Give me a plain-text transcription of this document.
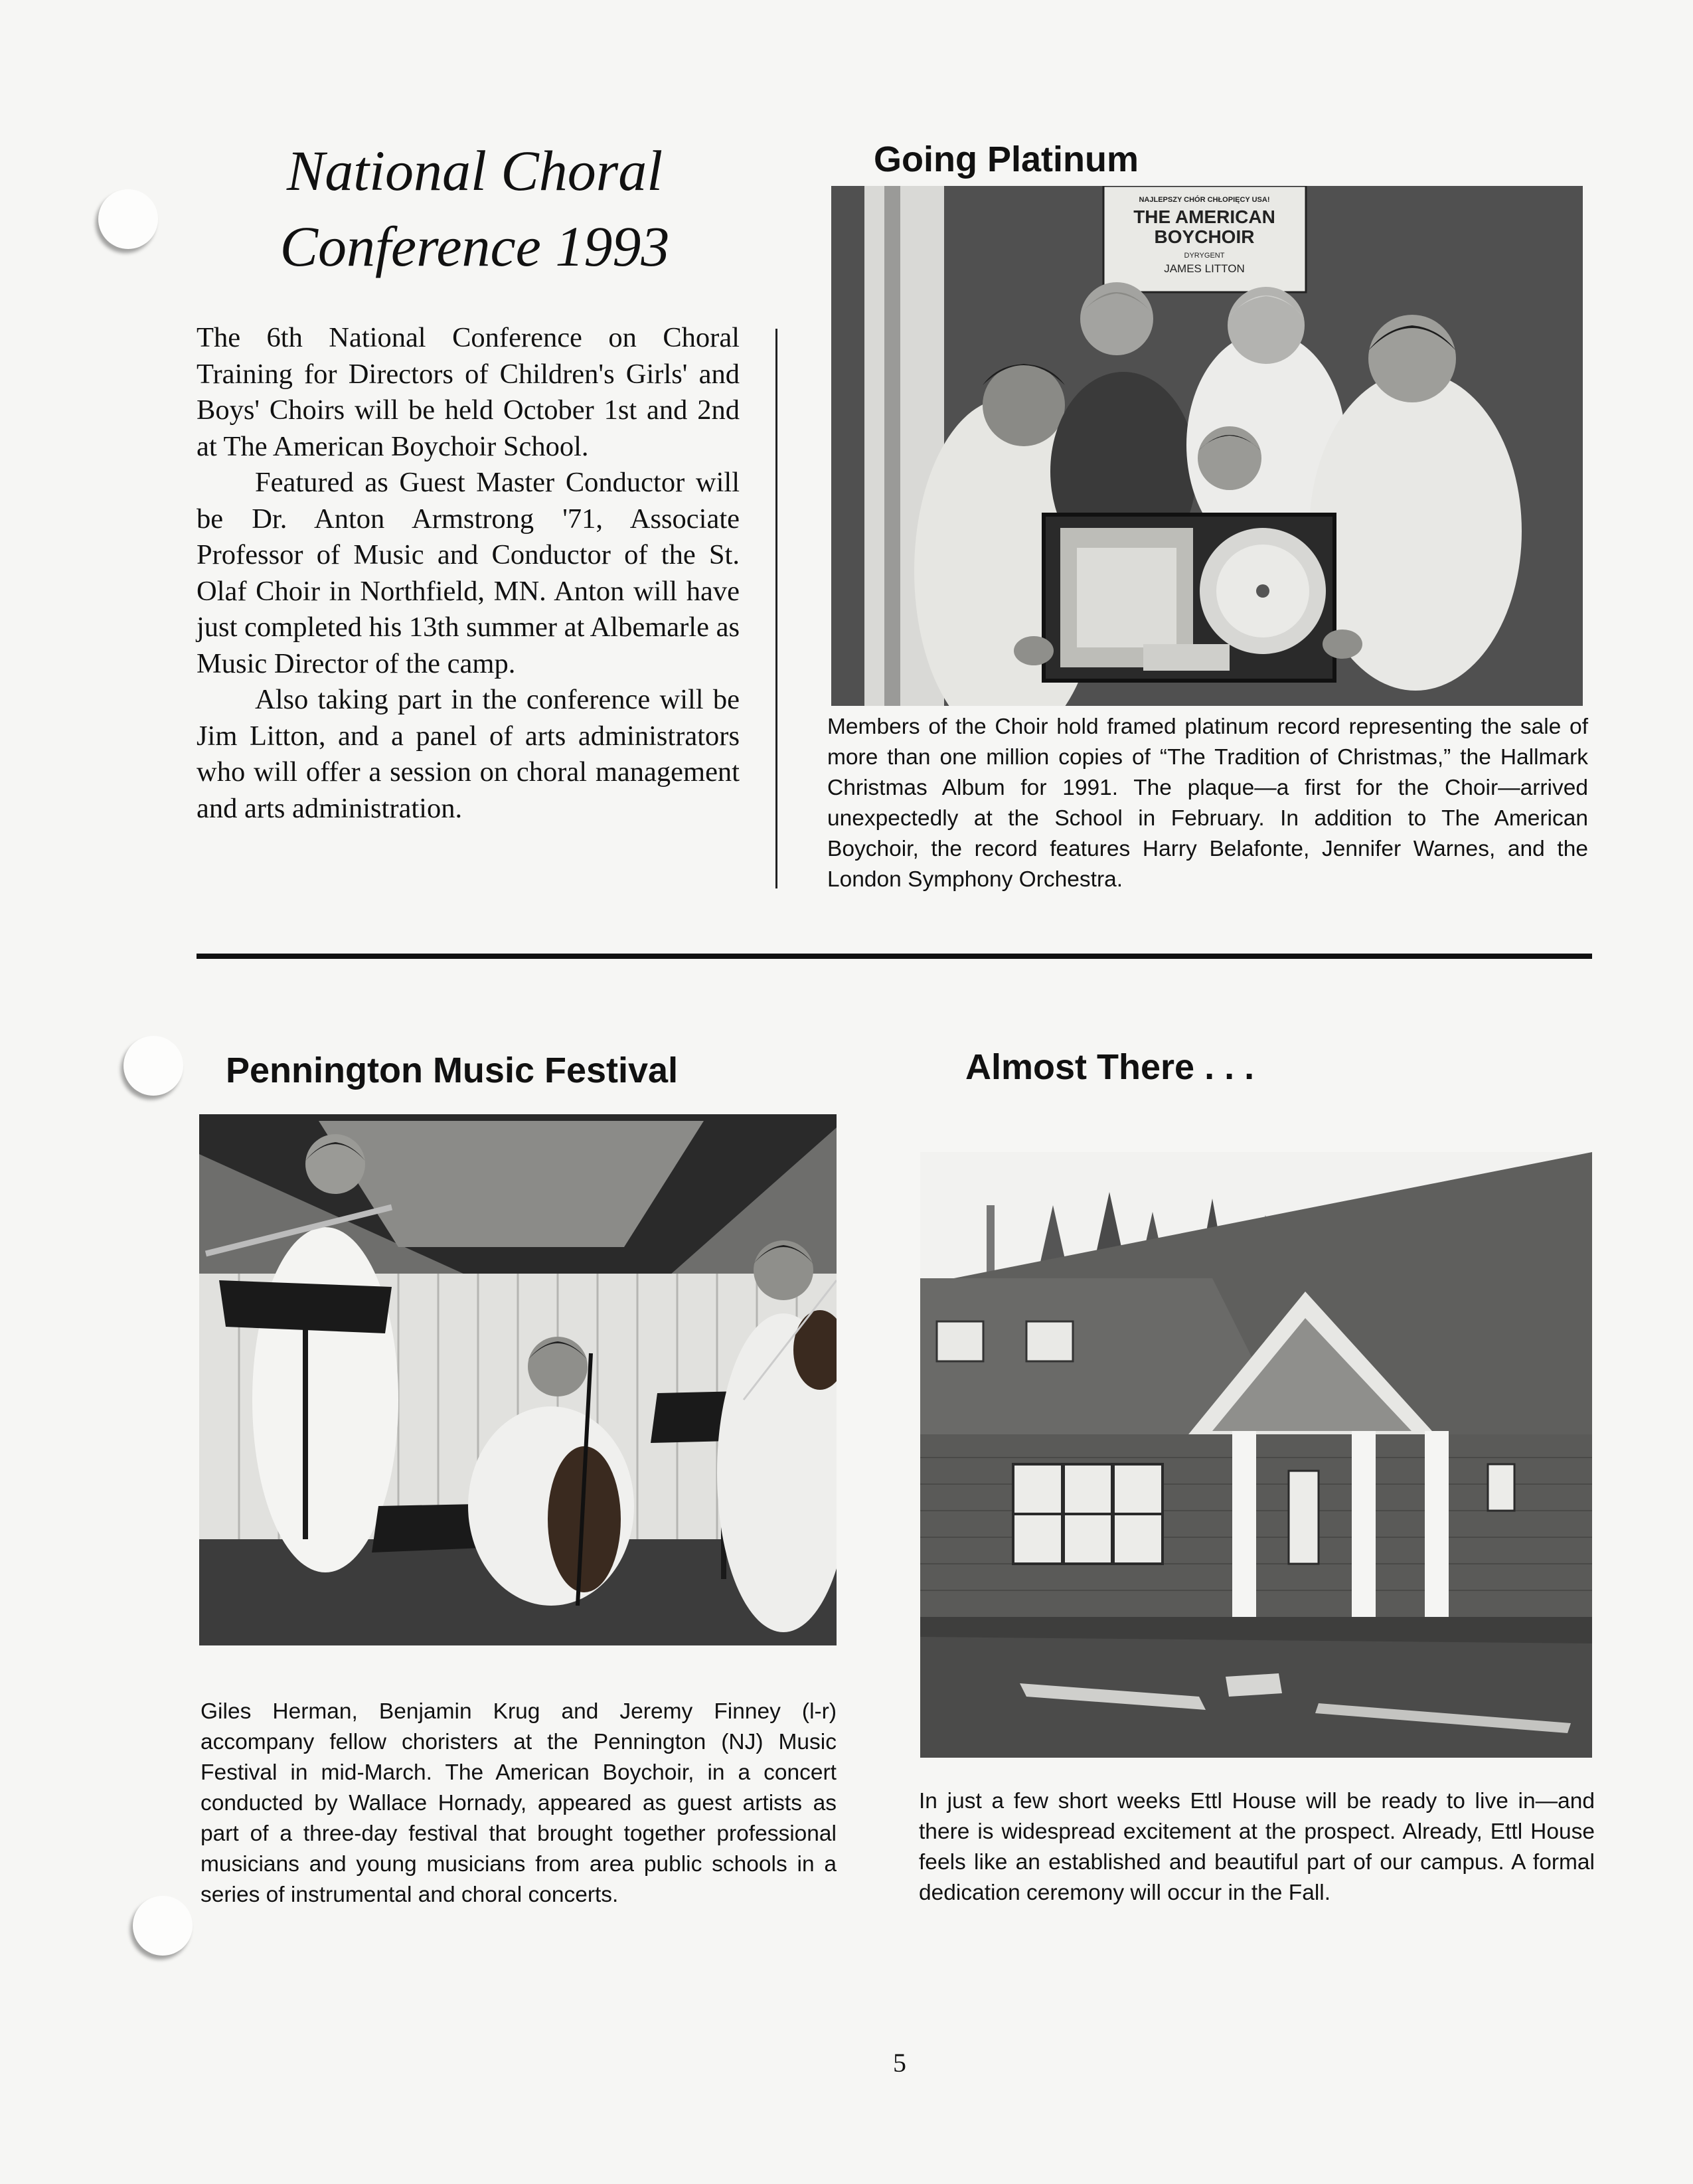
National Choral
Conference 1993

The 6th National Conference on Choral Training for Directors of Children's Girls' and Boys' Choirs will be held October 1st and 2nd at The American Boychoir School.

Featured as Guest Master Conductor will be Dr. Anton Armstrong '71, Associate Professor of Music and Conductor of the St. Olaf Choir in Northfield, MN. Anton will have just completed his 13th summer at Albemarle as Music Director of the camp.

Also taking part in the conference will be Jim Litton, and a panel of arts administrators who will offer a session on choral management and arts administration.

Going Platinum
NAJLEPSZY CHÓR CHŁOPIĘCY USA!
THE AMERICAN
BOYCHOIR
DYRYGENT
JAMES LITTON
Members of the Choir hold framed platinum record representing the sale of more than one million copies of “The Tradition of Christmas,” the Hallmark Christmas Album for 1991. The plaque—a first for the Choir—arrived unexpectedly at the School in February. In addition to The American Boychoir, the record features Harry Belafonte, Jennifer Warnes, and the London Symphony Orchestra.
Pennington Music Festival
Giles Herman, Benjamin Krug and Jeremy Finney (l-r) accompany fellow choristers at the Pennington (NJ) Music Festival in mid-March. The American Boychoir, in a concert conducted by Wallace Hornady, appeared as guest artists as part of a three-day festival that brought together professional musicians and young musicians from area public schools in a series of instrumental and choral concerts.
Almost There . . .
In just a few short weeks Ettl House will be ready to live in—and there is widespread excitement at the prospect. Already, Ettl House feels like an established and beautiful part of our campus. A formal dedication ceremony will occur in the Fall.
5
